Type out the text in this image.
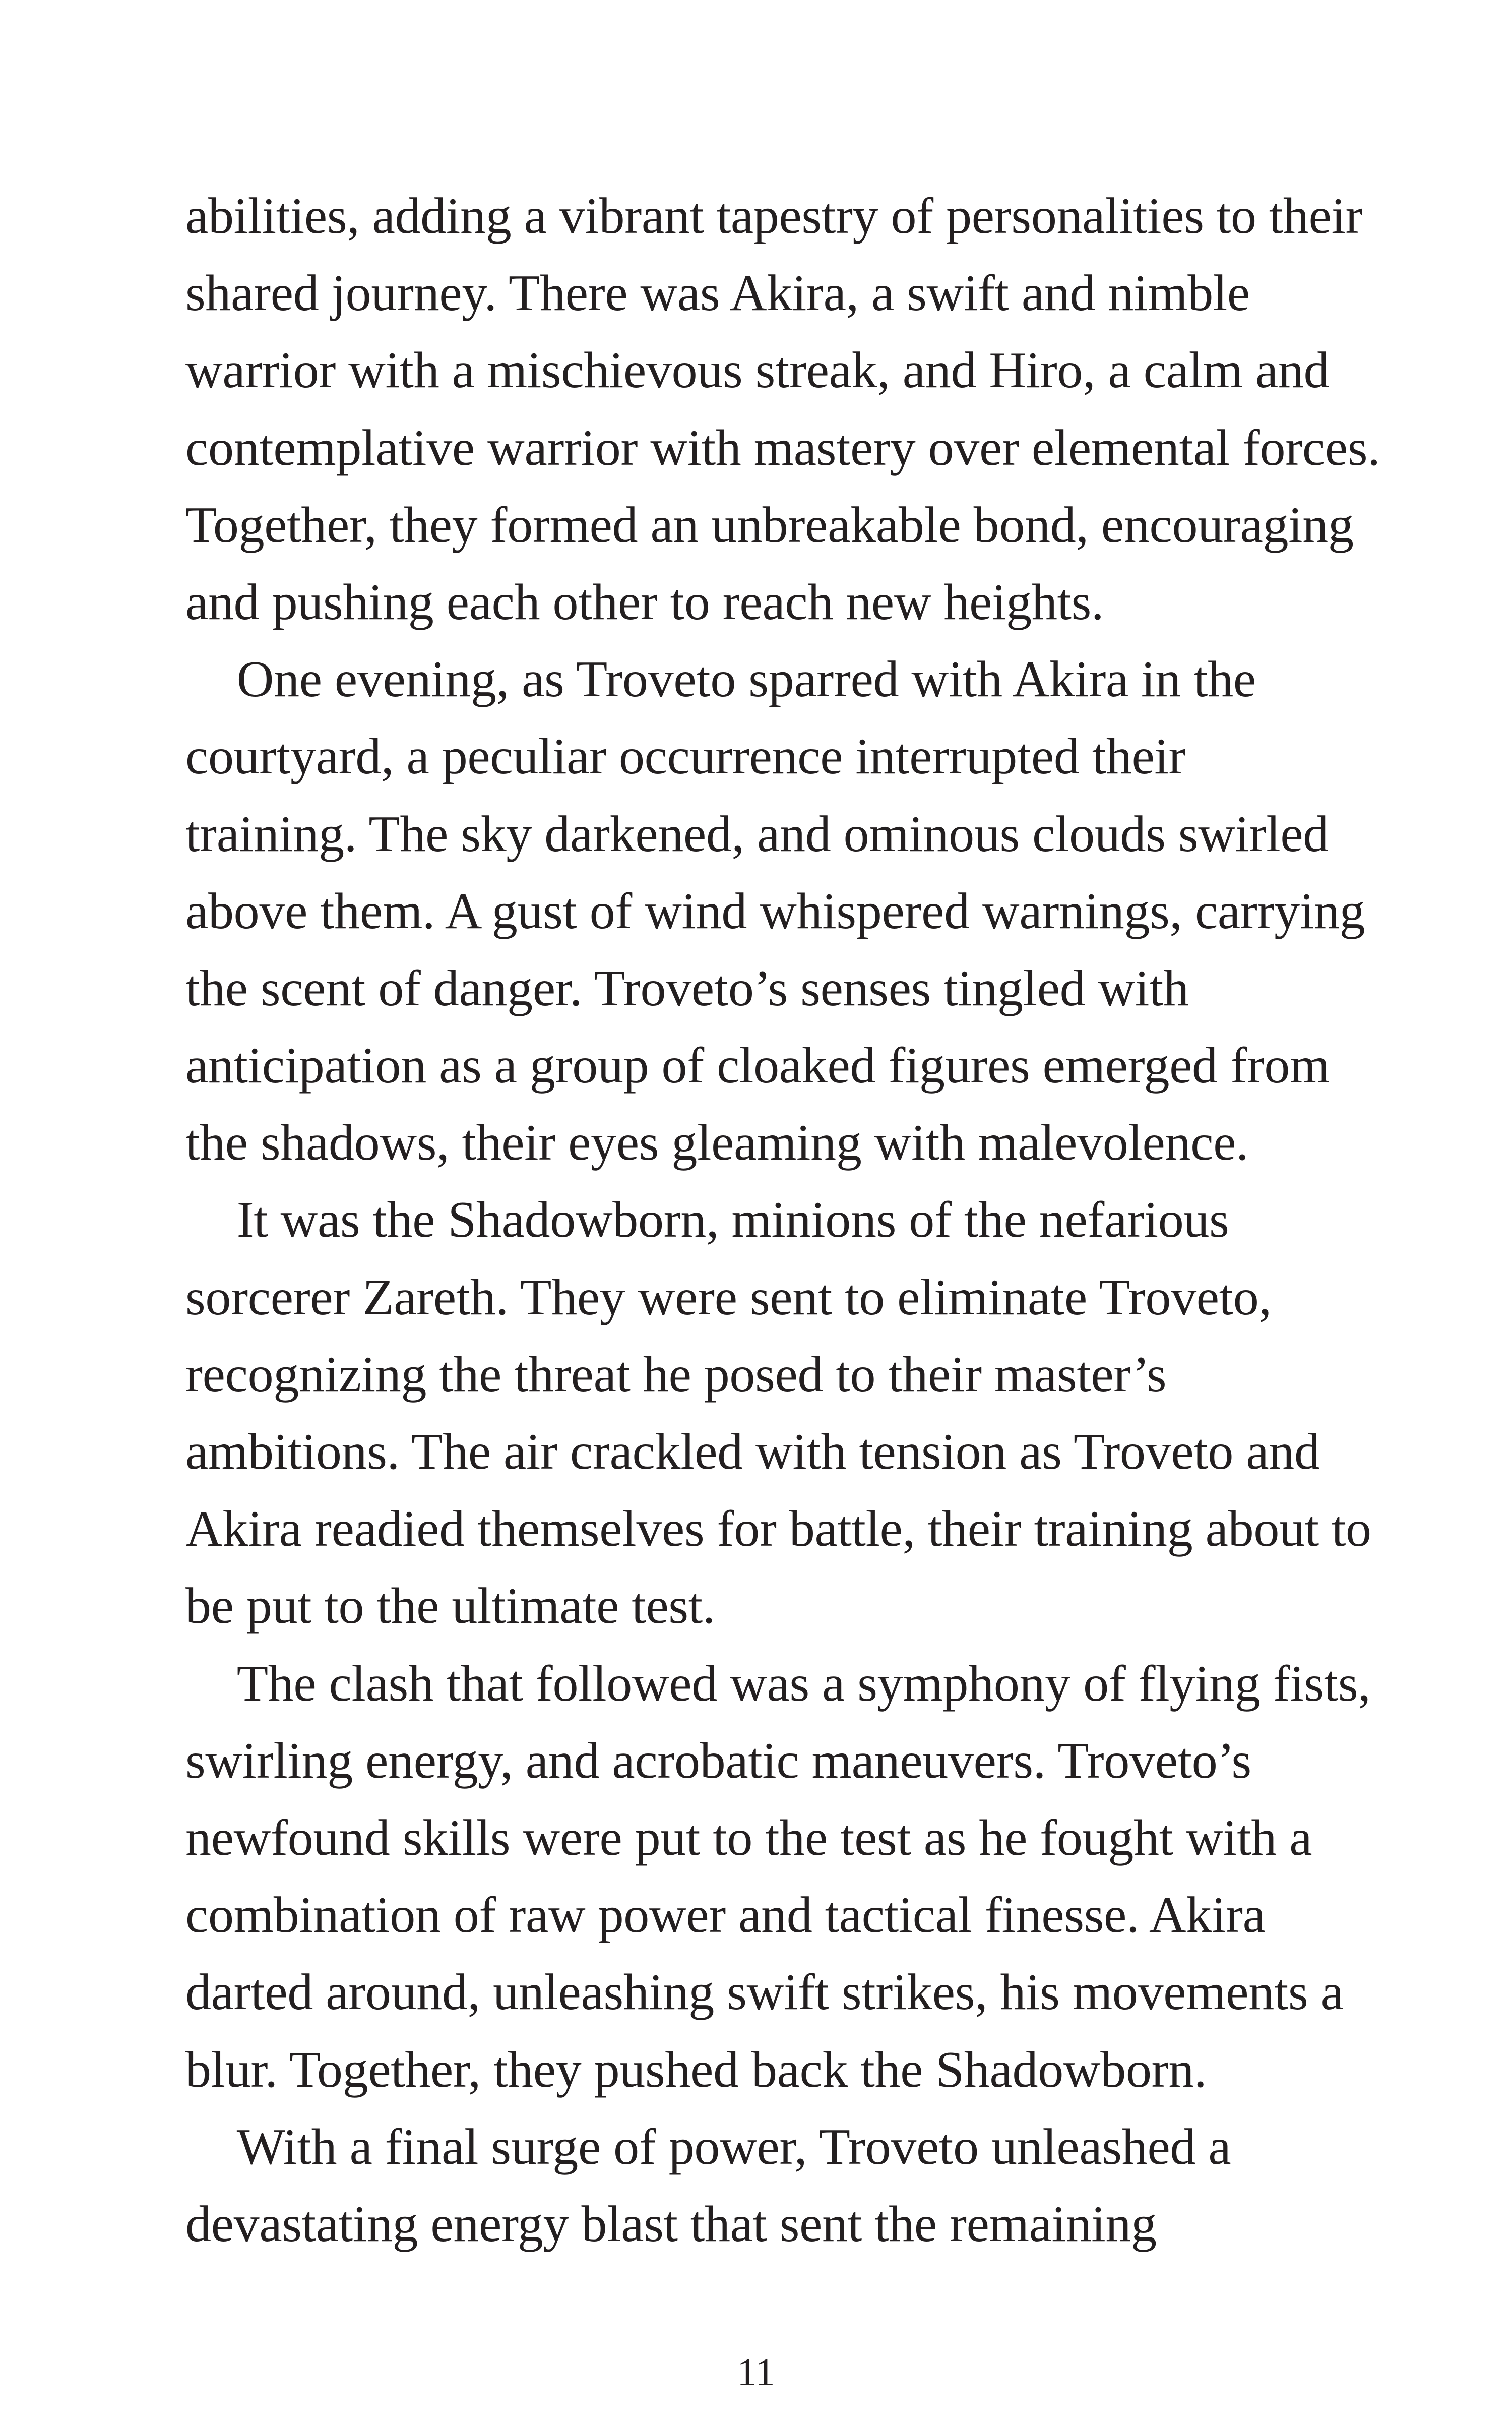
abilities, adding a vibrant tapestry of personalities to their
shared journey. There was Akira, a swift and nimble
warrior with a mischievous streak, and Hiro, a calm and
contemplative warrior with mastery over elemental forces.
Together, they formed an unbreakable bond, encouraging
and pushing each other to reach new heights.
 One evening, as Troveto sparred with Akira in the
courtyard, a peculiar occurrence interrupted their
training. The sky darkened, and ominous clouds swirled
above them. A gust of wind whispered warnings, carrying
the scent of danger. Troveto’s senses tingled with
anticipation as a group of cloaked figures emerged from
the shadows, their eyes gleaming with malevolence.
 It was the Shadowborn, minions of the nefarious
sorcerer Zareth. They were sent to eliminate Troveto,
recognizing the threat he posed to their master’s
ambitions. The air crackled with tension as Troveto and
Akira readied themselves for battle, their training about to
be put to the ultimate test.
 The clash that followed was a symphony of flying fists,
swirling energy, and acrobatic maneuvers. Troveto’s
newfound skills were put to the test as he fought with a
combination of raw power and tactical finesse. Akira
darted around, unleashing swift strikes, his movements a
blur. Together, they pushed back the Shadowborn.
 With a final surge of power, Troveto unleashed a
devastating energy blast that sent the remaining
11
